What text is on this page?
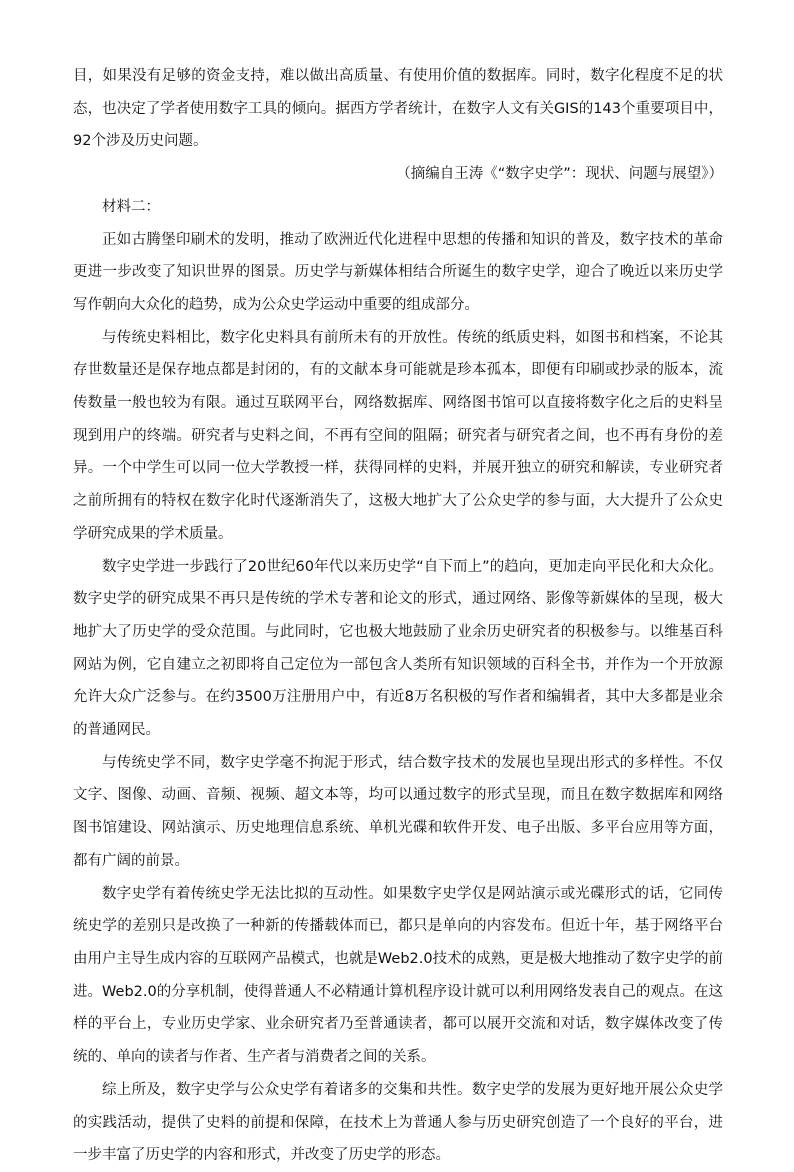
目，如果没有足够的资金支持，难以做出高质量、有使用价值的数据库。同时，数字化程度不足的状态，也决定了学者使用数字工具的倾向。据西方学者统计，在数字人文有关GIS的143个重要项目中，92个涉及历史问题。

（摘编自王涛《“数字史学”：现状、问题与展望》）

材料二：

正如古腾堡印刷术的发明，推动了欧洲近代化进程中思想的传播和知识的普及，数字技术的革命更进一步改变了知识世界的图景。历史学与新媒体相结合所诞生的数字史学，迎合了晚近以来历史学写作朝向大众化的趋势，成为公众史学运动中重要的组成部分。

与传统史料相比，数字化史料具有前所未有的开放性。传统的纸质史料，如图书和档案，不论其存世数量还是保存地点都是封闭的，有的文献本身可能就是珍本孤本，即便有印刷或抄录的版本，流传数量一般也较为有限。通过互联网平台，网络数据库、网络图书馆可以直接将数字化之后的史料呈现到用户的终端。研究者与史料之间，不再有空间的阻隔；研究者与研究者之间，也不再有身份的差异。一个中学生可以同一位大学教授一样，获得同样的史料，并展开独立的研究和解读，专业研究者之前所拥有的特权在数字化时代逐渐消失了，这极大地扩大了公众史学的参与面，大大提升了公众史学研究成果的学术质量。

数字史学进一步践行了20世纪60年代以来历史学“自下而上”的趋向，更加走向平民化和大众化。数字史学的研究成果不再只是传统的学术专著和论文的形式，通过网络、影像等新媒体的呈现，极大地扩大了历史学的受众范围。与此同时，它也极大地鼓励了业余历史研究者的积极参与。以维基百科网站为例，它自建立之初即将自己定位为一部包含人类所有知识领域的百科全书，并作为一个开放源允许大众广泛参与。在约3500万注册用户中，有近8万名积极的写作者和编辑者，其中大多都是业余的普通网民。

与传统史学不同，数字史学毫不拘泥于形式，结合数字技术的发展也呈现出形式的多样性。不仅文字、图像、动画、音频、视频、超文本等，均可以通过数字的形式呈现，而且在数字数据库和网络图书馆建设、网站演示、历史地理信息系统、单机光碟和软件开发、电子出版、多平台应用等方面，都有广阔的前景。

数字史学有着传统史学无法比拟的互动性。如果数字史学仅是网站演示或光碟形式的话，它同传统史学的差别只是改换了一种新的传播载体而已，都只是单向的内容发布。但近十年，基于网络平台由用户主导生成内容的互联网产品模式，也就是Web2.0技术的成熟，更是极大地推动了数字史学的前进。Web2.0的分享机制，使得普通人不必精通计算机程序设计就可以利用网络发表自己的观点。在这样的平台上，专业历史学家、业余研究者乃至普通读者，都可以展开交流和对话，数字媒体改变了传统的、单向的读者与作者、生产者与消费者之间的关系。

综上所及，数字史学与公众史学有着诸多的交集和共性。数字史学的发展为更好地开展公众史学的实践活动，提供了史料的前提和保障，在技术上为普通人参与历史研究创造了一个良好的平台，进一步丰富了历史学的内容和形式，并改变了历史学的形态。
